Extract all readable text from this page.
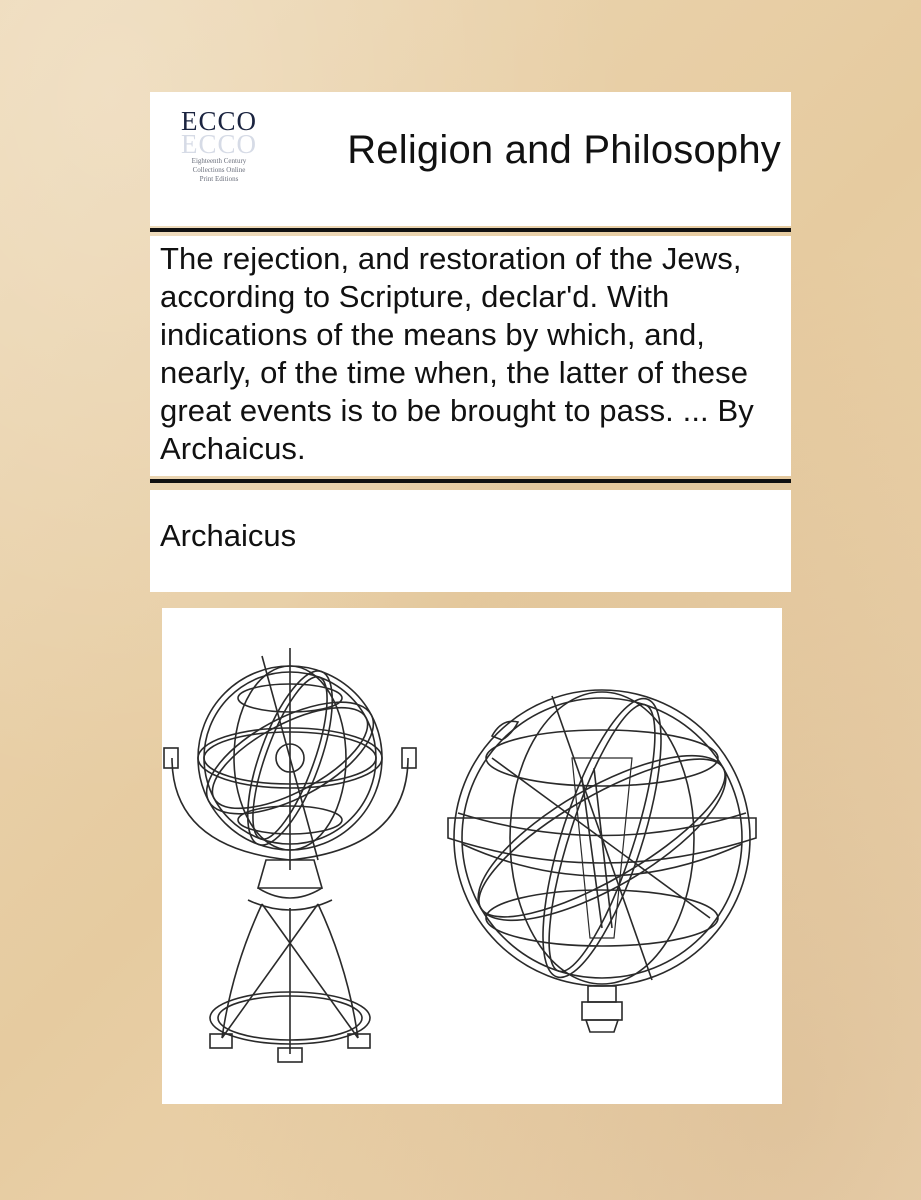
ECCO
ECCO
Eighteenth Century
Collections Online
Print Editions
Religion and Philosophy
The rejection, and restoration of the Jews, according to Scripture, declar'd. With indications of the means by which, and, nearly, of the time when, the latter of these great events is to be brought to pass. ... By Archaicus.
Archaicus
